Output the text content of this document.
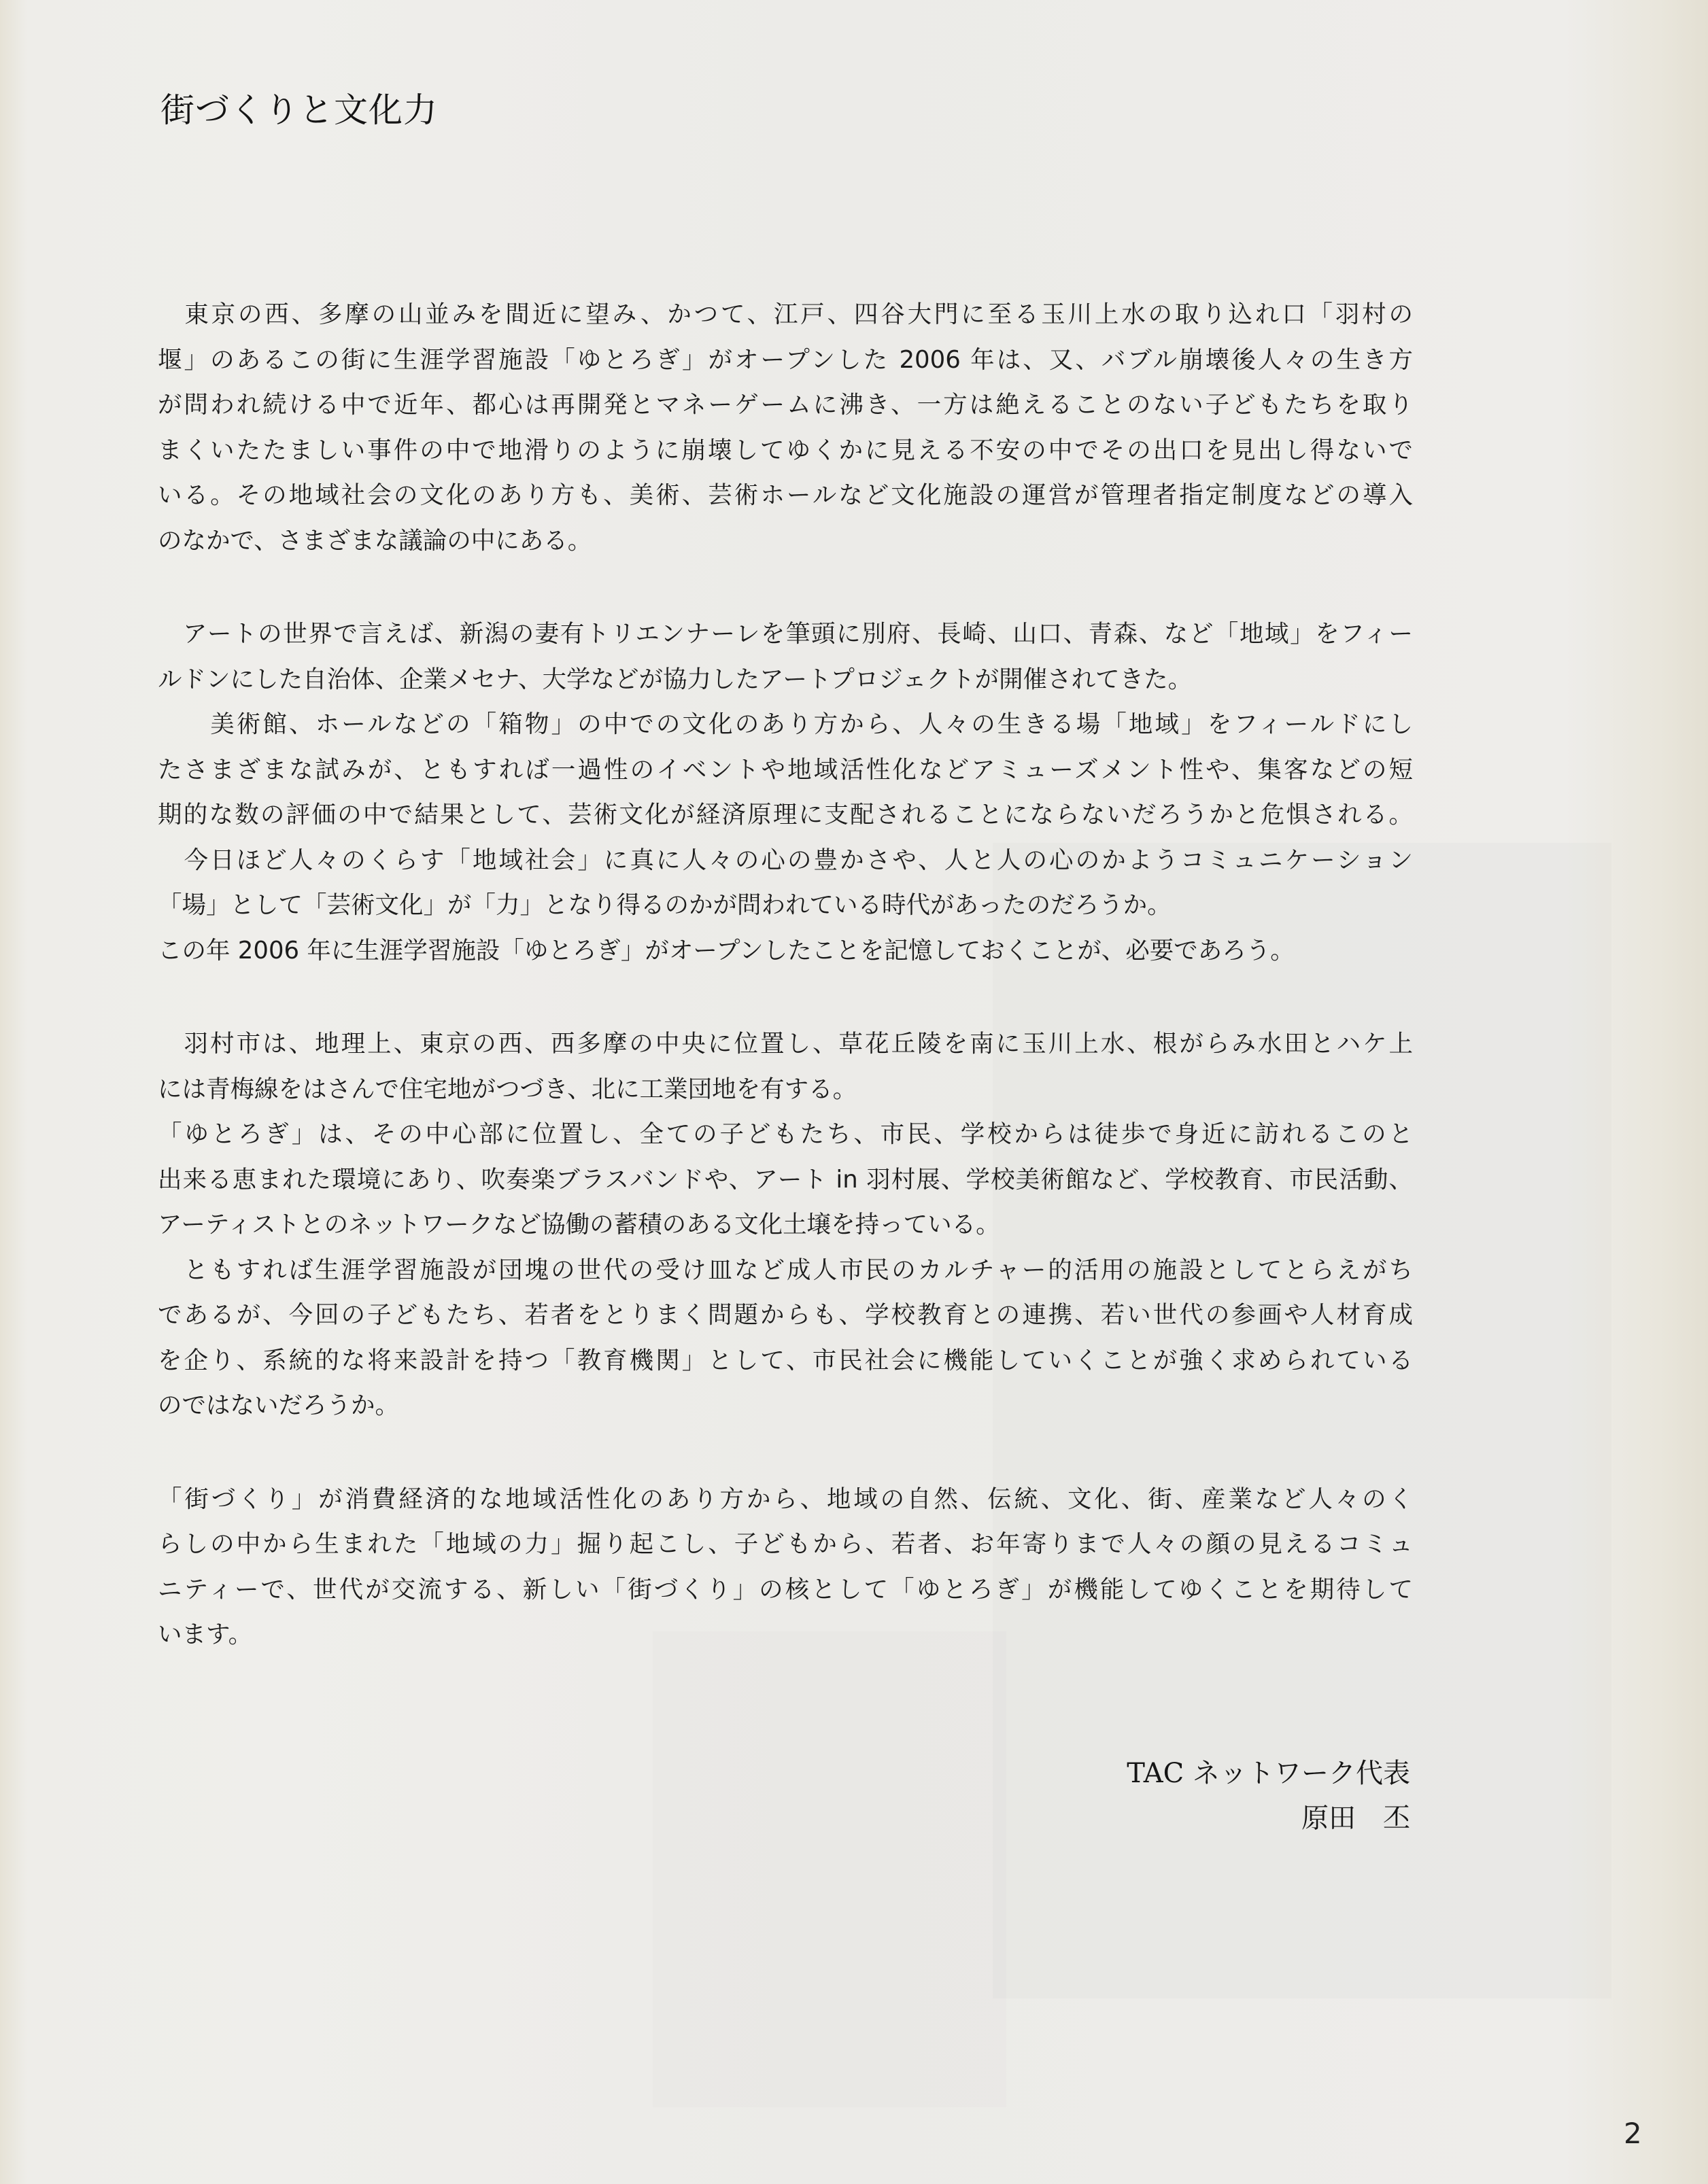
街づくりと文化力
　東京の西、多摩の山並みを間近に望み、かつて、江戸、四谷大門に至る玉川上水の取り込れ口「羽村の
堰」のあるこの街に生涯学習施設「ゆとろぎ」がオープンした 2006 年は、又、バブル崩壊後人々の生き方
が問われ続ける中で近年、都心は再開発とマネーゲームに沸き、一方は絶えることのない子どもたちを取り
まくいたたましい事件の中で地滑りのように崩壊してゆくかに見える不安の中でその出口を見出し得ないで
いる。その地域社会の文化のあり方も、美術、芸術ホールなど文化施設の運営が管理者指定制度などの導入
のなかで、さまざまな議論の中にある。
　アートの世界で言えば、新潟の妻有トリエンナーレを筆頭に別府、長崎、山口、青森、など「地域」をフィー
ルドンにした自治体、企業メセナ、大学などが協力したアートプロジェクトが開催されてきた。
　　美術館、ホールなどの「箱物」の中での文化のあり方から、人々の生きる場「地域」をフィールドにし
たさまざまな試みが、ともすれば一過性のイベントや地域活性化などアミューズメント性や、集客などの短
期的な数の評価の中で結果として、芸術文化が経済原理に支配されることにならないだろうかと危惧される。
　今日ほど人々のくらす「地域社会」に真に人々の心の豊かさや、人と人の心のかようコミュニケーション
「場」として「芸術文化」が「力」となり得るのかが問われている時代があったのだろうか。
この年 2006 年に生涯学習施設「ゆとろぎ」がオープンしたことを記憶しておくことが、必要であろう。
　羽村市は、地理上、東京の西、西多摩の中央に位置し、草花丘陵を南に玉川上水、根がらみ水田とハケ上
には青梅線をはさんで住宅地がつづき、北に工業団地を有する。
「ゆとろぎ」は、その中心部に位置し、全ての子どもたち、市民、学校からは徒歩で身近に訪れるこのと
出来る恵まれた環境にあり、吹奏楽ブラスバンドや、アート in 羽村展、学校美術館など、学校教育、市民活動、
アーティストとのネットワークなど協働の蓄積のある文化土壌を持っている。
　ともすれば生涯学習施設が団塊の世代の受け皿など成人市民のカルチャー的活用の施設としてとらえがち
であるが、今回の子どもたち、若者をとりまく問題からも、学校教育との連携、若い世代の参画や人材育成
を企り、系統的な将来設計を持つ「教育機関」として、市民社会に機能していくことが強く求められている
のではないだろうか。
「街づくり」が消費経済的な地域活性化のあり方から、地域の自然、伝統、文化、街、産業など人々のく
らしの中から生まれた「地域の力」掘り起こし、子どもから、若者、お年寄りまで人々の顔の見えるコミュ
ニティーで、世代が交流する、新しい「街づくり」の核として「ゆとろぎ」が機能してゆくことを期待して
います。
TAC ネットワーク代表
原田　丕
2
